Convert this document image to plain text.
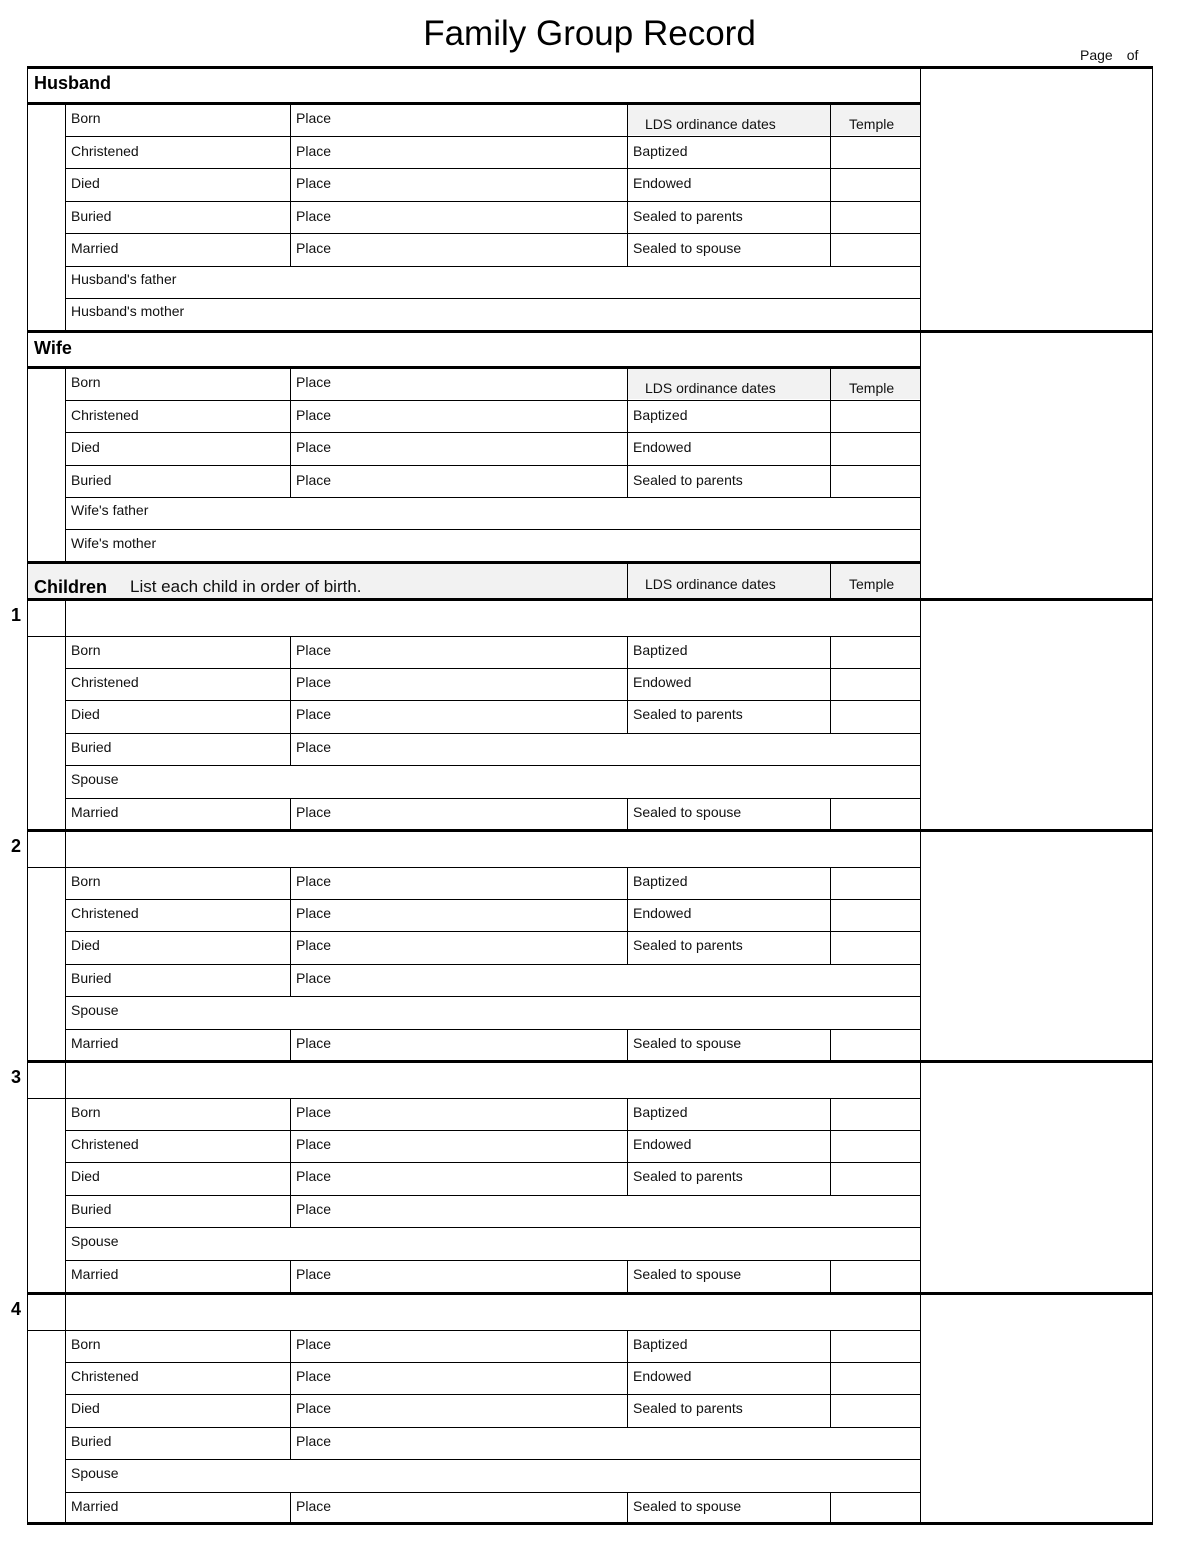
Family Group Record
Page of
Husband
Born	Place	LDS ordinance dates	Temple
Christened	Place	Baptized
Died	Place	Endowed
Buried	Place	Sealed to parents
Married	Place	Sealed to spouse
Husband's father
Husband's mother
Wife
Born	Place	LDS ordinance dates	Temple
Christened	Place	Baptized
Died	Place	Endowed
Buried	Place	Sealed to parents
Wife's father
Wife's mother
Children List each child in order of birth.	LDS ordinance dates	Temple
1
Born	Place	Baptized
Christened	Place	Endowed
Died	Place	Sealed to parents
Buried	Place
Spouse
Married	Place	Sealed to spouse
2
Born	Place	Baptized
Christened	Place	Endowed
Died	Place	Sealed to parents
Buried	Place
Spouse
Married	Place	Sealed to spouse
3
Born	Place	Baptized
Christened	Place	Endowed
Died	Place	Sealed to parents
Buried	Place
Spouse
Married	Place	Sealed to spouse
4
Born	Place	Baptized
Christened	Place	Endowed
Died	Place	Sealed to parents
Buried	Place
Spouse
Married	Place	Sealed to spouse
